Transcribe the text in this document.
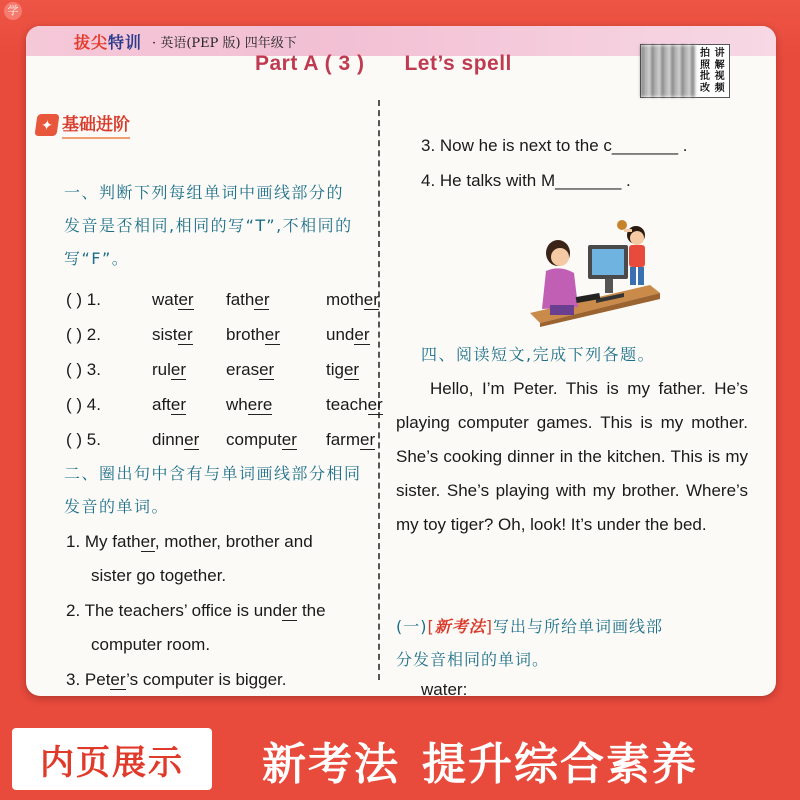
学
拔尖特训 · 英语(PEP 版) 四年级下
Part A ( 3 ) Let’s spell	拍 讲
照 解
批 视
改 频
✦ 基础进阶
一、判断下列每组单词中画线部分的
发音是否相同,相同的写“T”,不相同的
写“F”。
( ) 1.	water	father	mother
( ) 2.	sister	brother	under
( ) 3.	ruler	eraser	tiger
( ) 4.	after	where	teacher
( ) 5.	dinner	computer	farmer
二、圈出句中含有与单词画线部分相同
发音的单词。
1. My father, mother, brother and
sister go together.
2. The teachers’ office is under the
computer room.
3. Peter’s computer is bigger.
3. Now he is next to the c_______ .
4. He talks with M_______ .
四、阅读短文,完成下列各题。
Hello, I’m Peter. This is my father. He’s playing computer games. This is my mother. She’s cooking dinner in the kitchen. This is my sister. She’s playing with my brother. Where’s my toy tiger? Oh, look! It’s under the bed.
(一)[新考法]写出与所给单词画线部
分发音相同的单词。
water:
内页展示 新考法 提升综合素养
